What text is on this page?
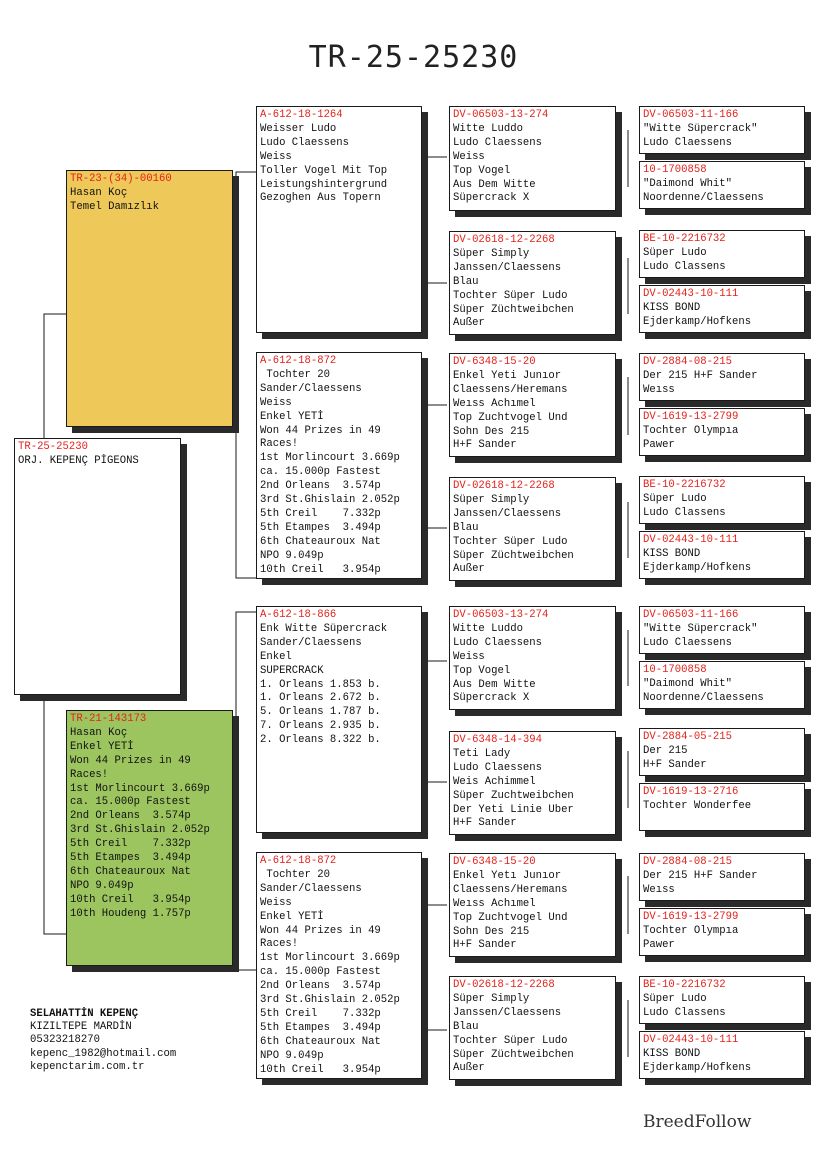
TR-25-25230
TR-25-25230
ORJ. KEPENÇ PİGEONS
TR-23-(34)-00160
Hasan Koç
Temel Damızlık
TR-21-143173
Hasan Koç
Enkel YETİ
Won 44 Prizes in 49
Races!
1st Morlincourt 3.669p
ca. 15.000p Fastest
2nd Orleans  3.574p
3rd St.Ghislain 2.052p
5th Creil    7.332p
5th Etampes  3.494p
6th Chateauroux Nat
NPO 9.049p
10th Creil   3.954p
10th Houdeng 1.757p
A-612-18-1264
Weisser Ludo
Ludo Claessens
Weiss
Toller Vogel Mit Top
Leistungshintergrund
Gezoghen Aus Topern
A-612-18-872
Tochter 20
Sander/Claessens
Weiss
Enkel YETİ
Won 44 Prizes in 49
Races!
1st Morlincourt 3.669p
ca. 15.000p Fastest
2nd Orleans  3.574p
3rd St.Ghislain 2.052p
5th Creil    7.332p
5th Etampes  3.494p
6th Chateauroux Nat
NPO 9.049p
10th Creil   3.954p
A-612-18-866
Enk Witte Süpercrack
Sander/Claessens
Enkel
SUPERCRACK
1. Orleans 1.853 b.
1. Orleans 2.672 b.
5. Orleans 1.787 b.
7. Orleans 2.935 b.
2. Orleans 8.322 b.
A-612-18-872
Tochter 20
Sander/Claessens
Weiss
Enkel YETİ
Won 44 Prizes in 49
Races!
1st Morlincourt 3.669p
ca. 15.000p Fastest
2nd Orleans  3.574p
3rd St.Ghislain 2.052p
5th Creil    7.332p
5th Etampes  3.494p
6th Chateauroux Nat
NPO 9.049p
10th Creil   3.954p
DV-06503-13-274
Witte Luddo
Ludo Claessens
Weiss
Top Vogel
Aus Dem Witte
Süpercrack X
DV-02618-12-2268
Süper Simply
Janssen/Claessens
Blau
Tochter Süper Ludo
Süper Züchtweibchen
Außer
DV-6348-15-20
Enkel Yeti Junıor
Claessens/Heremans
Weıss Achımel
Top Zuchtvogel Und
Sohn Des 215
H+F Sander
DV-02618-12-2268
Süper Simply
Janssen/Claessens
Blau
Tochter Süper Ludo
Süper Züchtweibchen
Außer
DV-06503-13-274
Witte Luddo
Ludo Claessens
Weiss
Top Vogel
Aus Dem Witte
Süpercrack X
DV-6348-14-394
Teti Lady
Ludo Claessens
Weis Achimmel
Süper Zuchtweibchen
Der Yeti Linie Uber
H+F Sander
DV-6348-15-20
Enkel Yetı Junıor
Claessens/Heremans
Weıss Achımel
Top Zuchtvogel Und
Sohn Des 215
H+F Sander
DV-02618-12-2268
Süper Simply
Janssen/Claessens
Blau
Tochter Süper Ludo
Süper Züchtweibchen
Außer
DV-06503-11-166
"Witte Süpercrack"
Ludo Claessens
10-1700858
"Daimond Whit"
Noordenne/Claessens
BE-10-2216732
Süper Ludo
Ludo Classens
DV-02443-10-111
KISS BOND
Ejderkamp/Hofkens
DV-2884-08-215
Der 215 H+F Sander
Weıss
DV-1619-13-2799
Tochter Olympıa
Pawer
BE-10-2216732
Süper Ludo
Ludo Classens
DV-02443-10-111
KISS BOND
Ejderkamp/Hofkens
DV-06503-11-166
"Witte Süpercrack"
Ludo Claessens
10-1700858
"Daimond Whit"
Noordenne/Claessens
DV-2884-05-215
Der 215
H+F Sander
DV-1619-13-2716
Tochter Wonderfee
DV-2884-08-215
Der 215 H+F Sander
Weıss
DV-1619-13-2799
Tochter Olympıa
Pawer
BE-10-2216732
Süper Ludo
Ludo Classens
DV-02443-10-111
KISS BOND
Ejderkamp/Hofkens
SELAHATTİN KEPENÇ
KIZILTEPE MARDİN
05323218270
kepenc_1982@hotmail.com
kepenctarim.com.tr
BreedFollow
